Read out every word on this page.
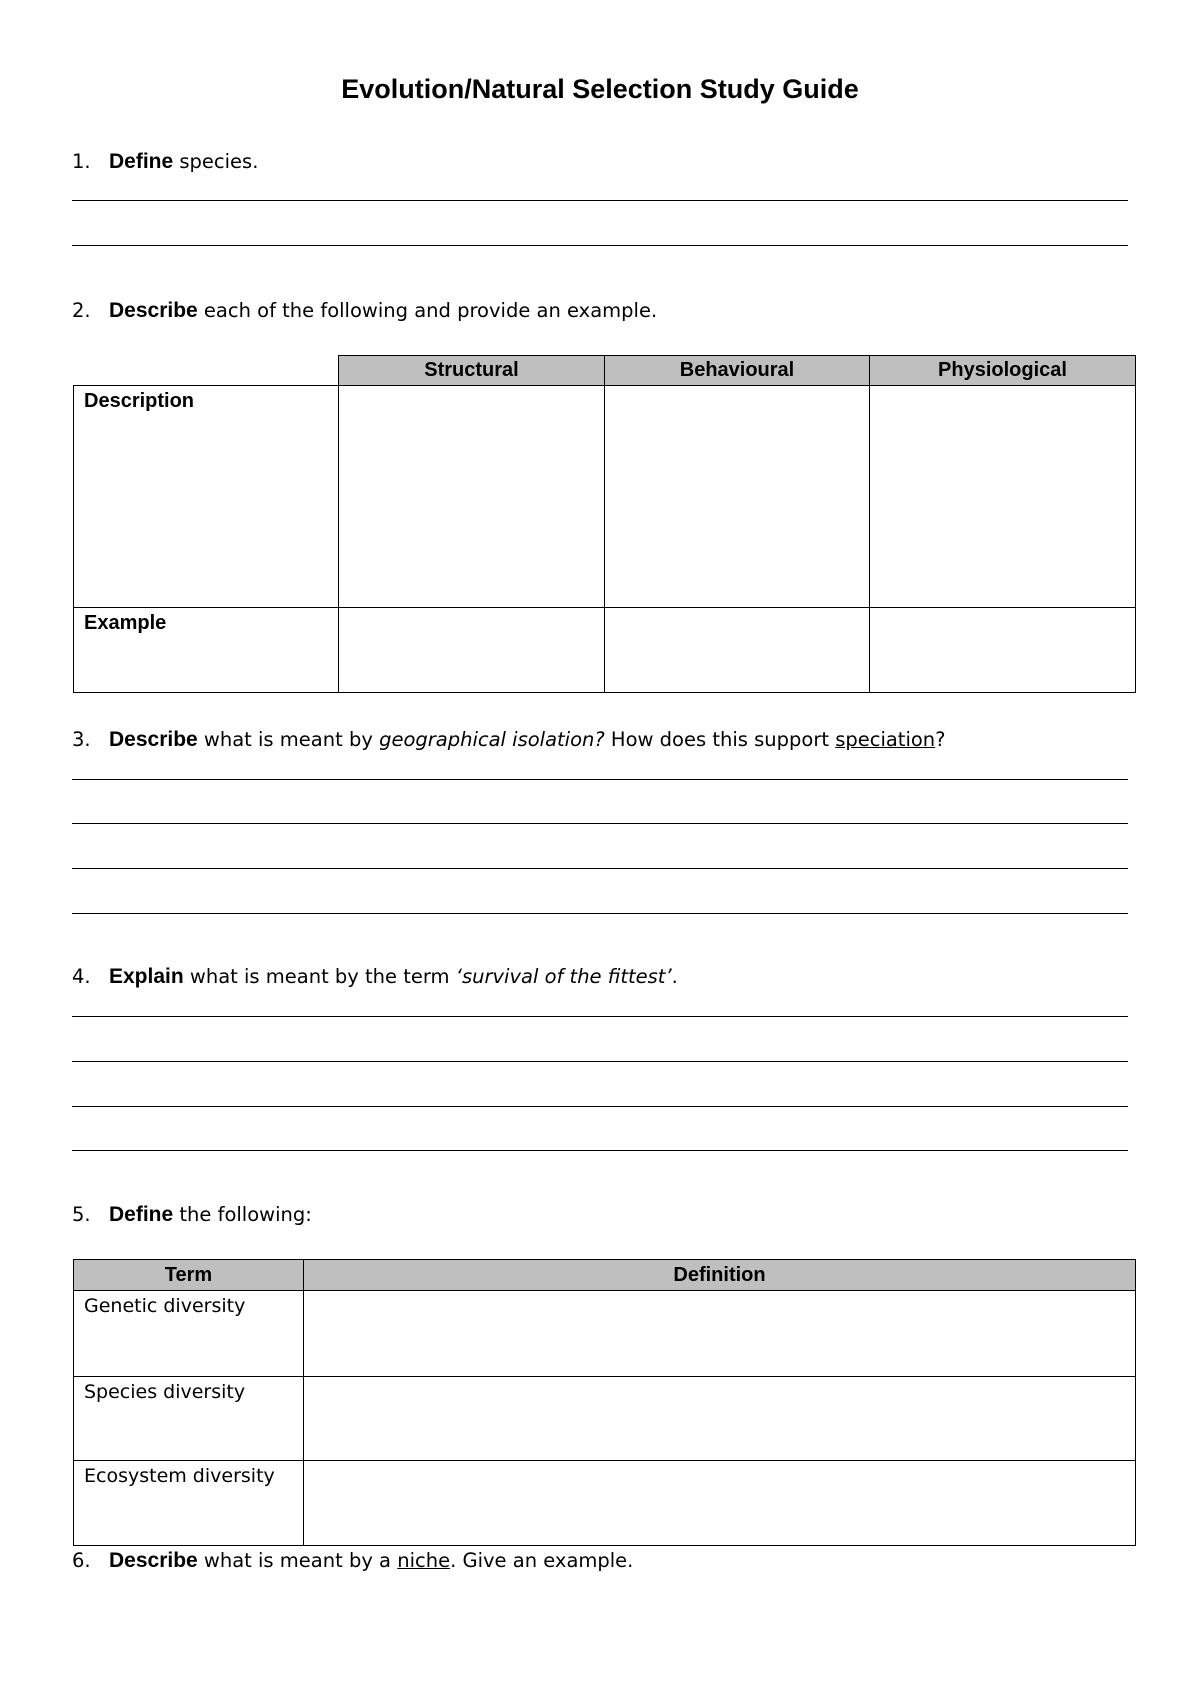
Evolution/Natural Selection Study Guide
1. Define species.
2. Describe each of the following and provide an example.
	Structural	Behavioural	Physiological
Description			
Example			
3. Describe what is meant by geographical isolation? How does this support speciation?
4. Explain what is meant by the term ‘survival of the fittest’.
5. Define the following:
Term	Definition
Genetic diversity	
Species diversity	
Ecosystem diversity	
6. Describe what is meant by a niche. Give an example.
